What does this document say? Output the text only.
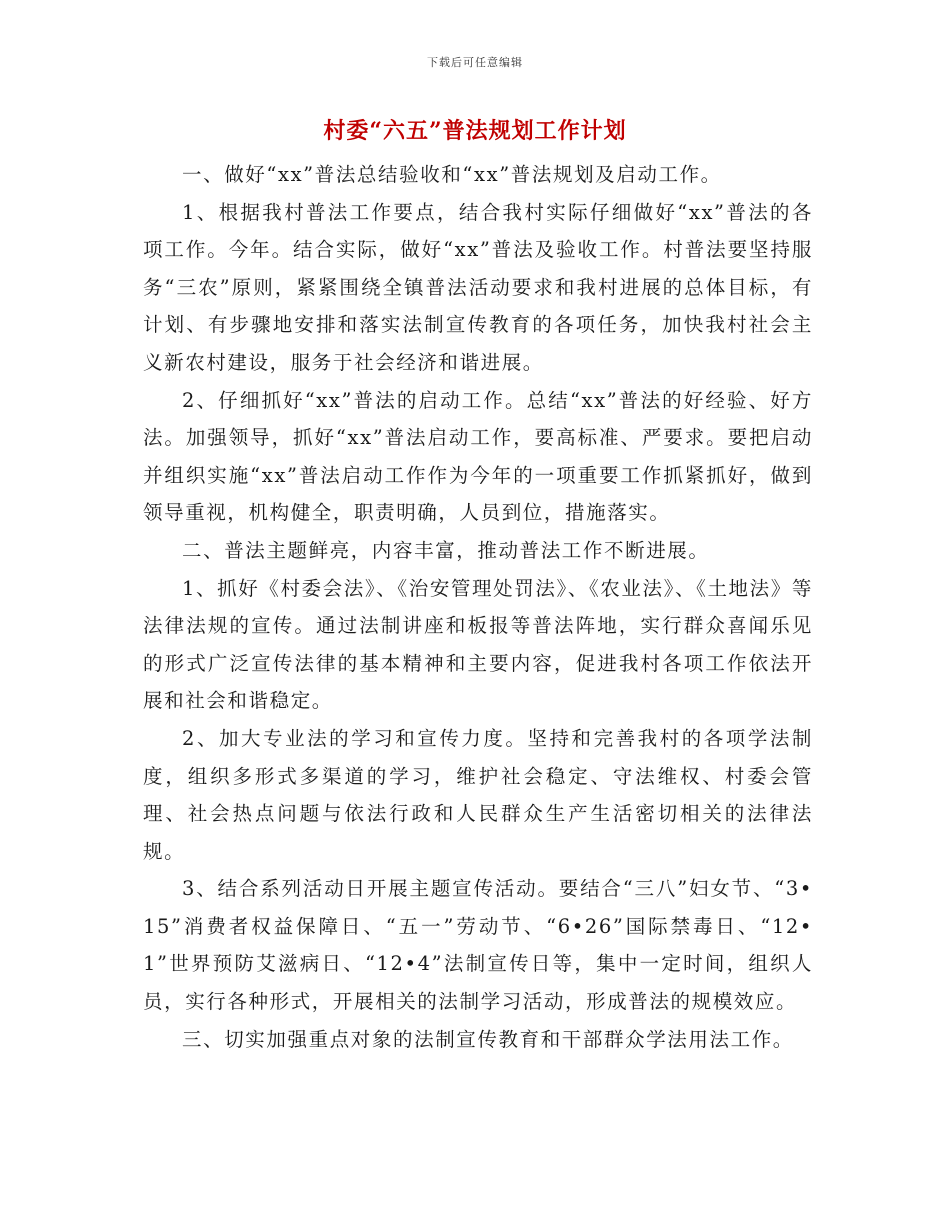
下载后可任意编辑
村委“六五”普法规划工作计划

一、做好“xx”普法总结验收和“xx”普法规划及启动工作。

1、根据我村普法工作要点，结合我村实际仔细做好“xx”普法的各项工作。今年。结合实际，做好“xx”普法及验收工作。村普法要坚持服务“三农”原则，紧紧围绕全镇普法活动要求和我村进展的总体目标，有计划、有步骤地安排和落实法制宣传教育的各项任务，加快我村社会主义新农村建设，服务于社会经济和谐进展。

2、仔细抓好“xx”普法的启动工作。总结“xx”普法的好经验、好方法。加强领导，抓好“xx”普法启动工作，要高标准、严要求。要把启动并组织实施“xx”普法启动工作作为今年的一项重要工作抓紧抓好，做到领导重视，机构健全，职责明确，人员到位，措施落实。

二、普法主题鲜亮，内容丰富，推动普法工作不断进展。

1、抓好《村委会法》、《治安管理处罚法》、《农业法》、《土地法》等法律法规的宣传。通过法制讲座和板报等普法阵地，实行群众喜闻乐见的形式广泛宣传法律的基本精神和主要内容，促进我村各项工作依法开展和社会和谐稳定。

2、加大专业法的学习和宣传力度。坚持和完善我村的各项学法制度，组织多形式多渠道的学习，维护社会稳定、守法维权、村委会管理、社会热点问题与依法行政和人民群众生产生活密切相关的法律法规。

3、结合系列活动日开展主题宣传活动。要结合“三八”妇女节、“3•15”消费者权益保障日、“五一”劳动节、“6•26”国际禁毒日、“12•1”世界预防艾滋病日、“12•4”法制宣传日等，集中一定时间，组织人员，实行各种形式，开展相关的法制学习活动，形成普法的规模效应。

三、切实加强重点对象的法制宣传教育和干部群众学法用法工作。
